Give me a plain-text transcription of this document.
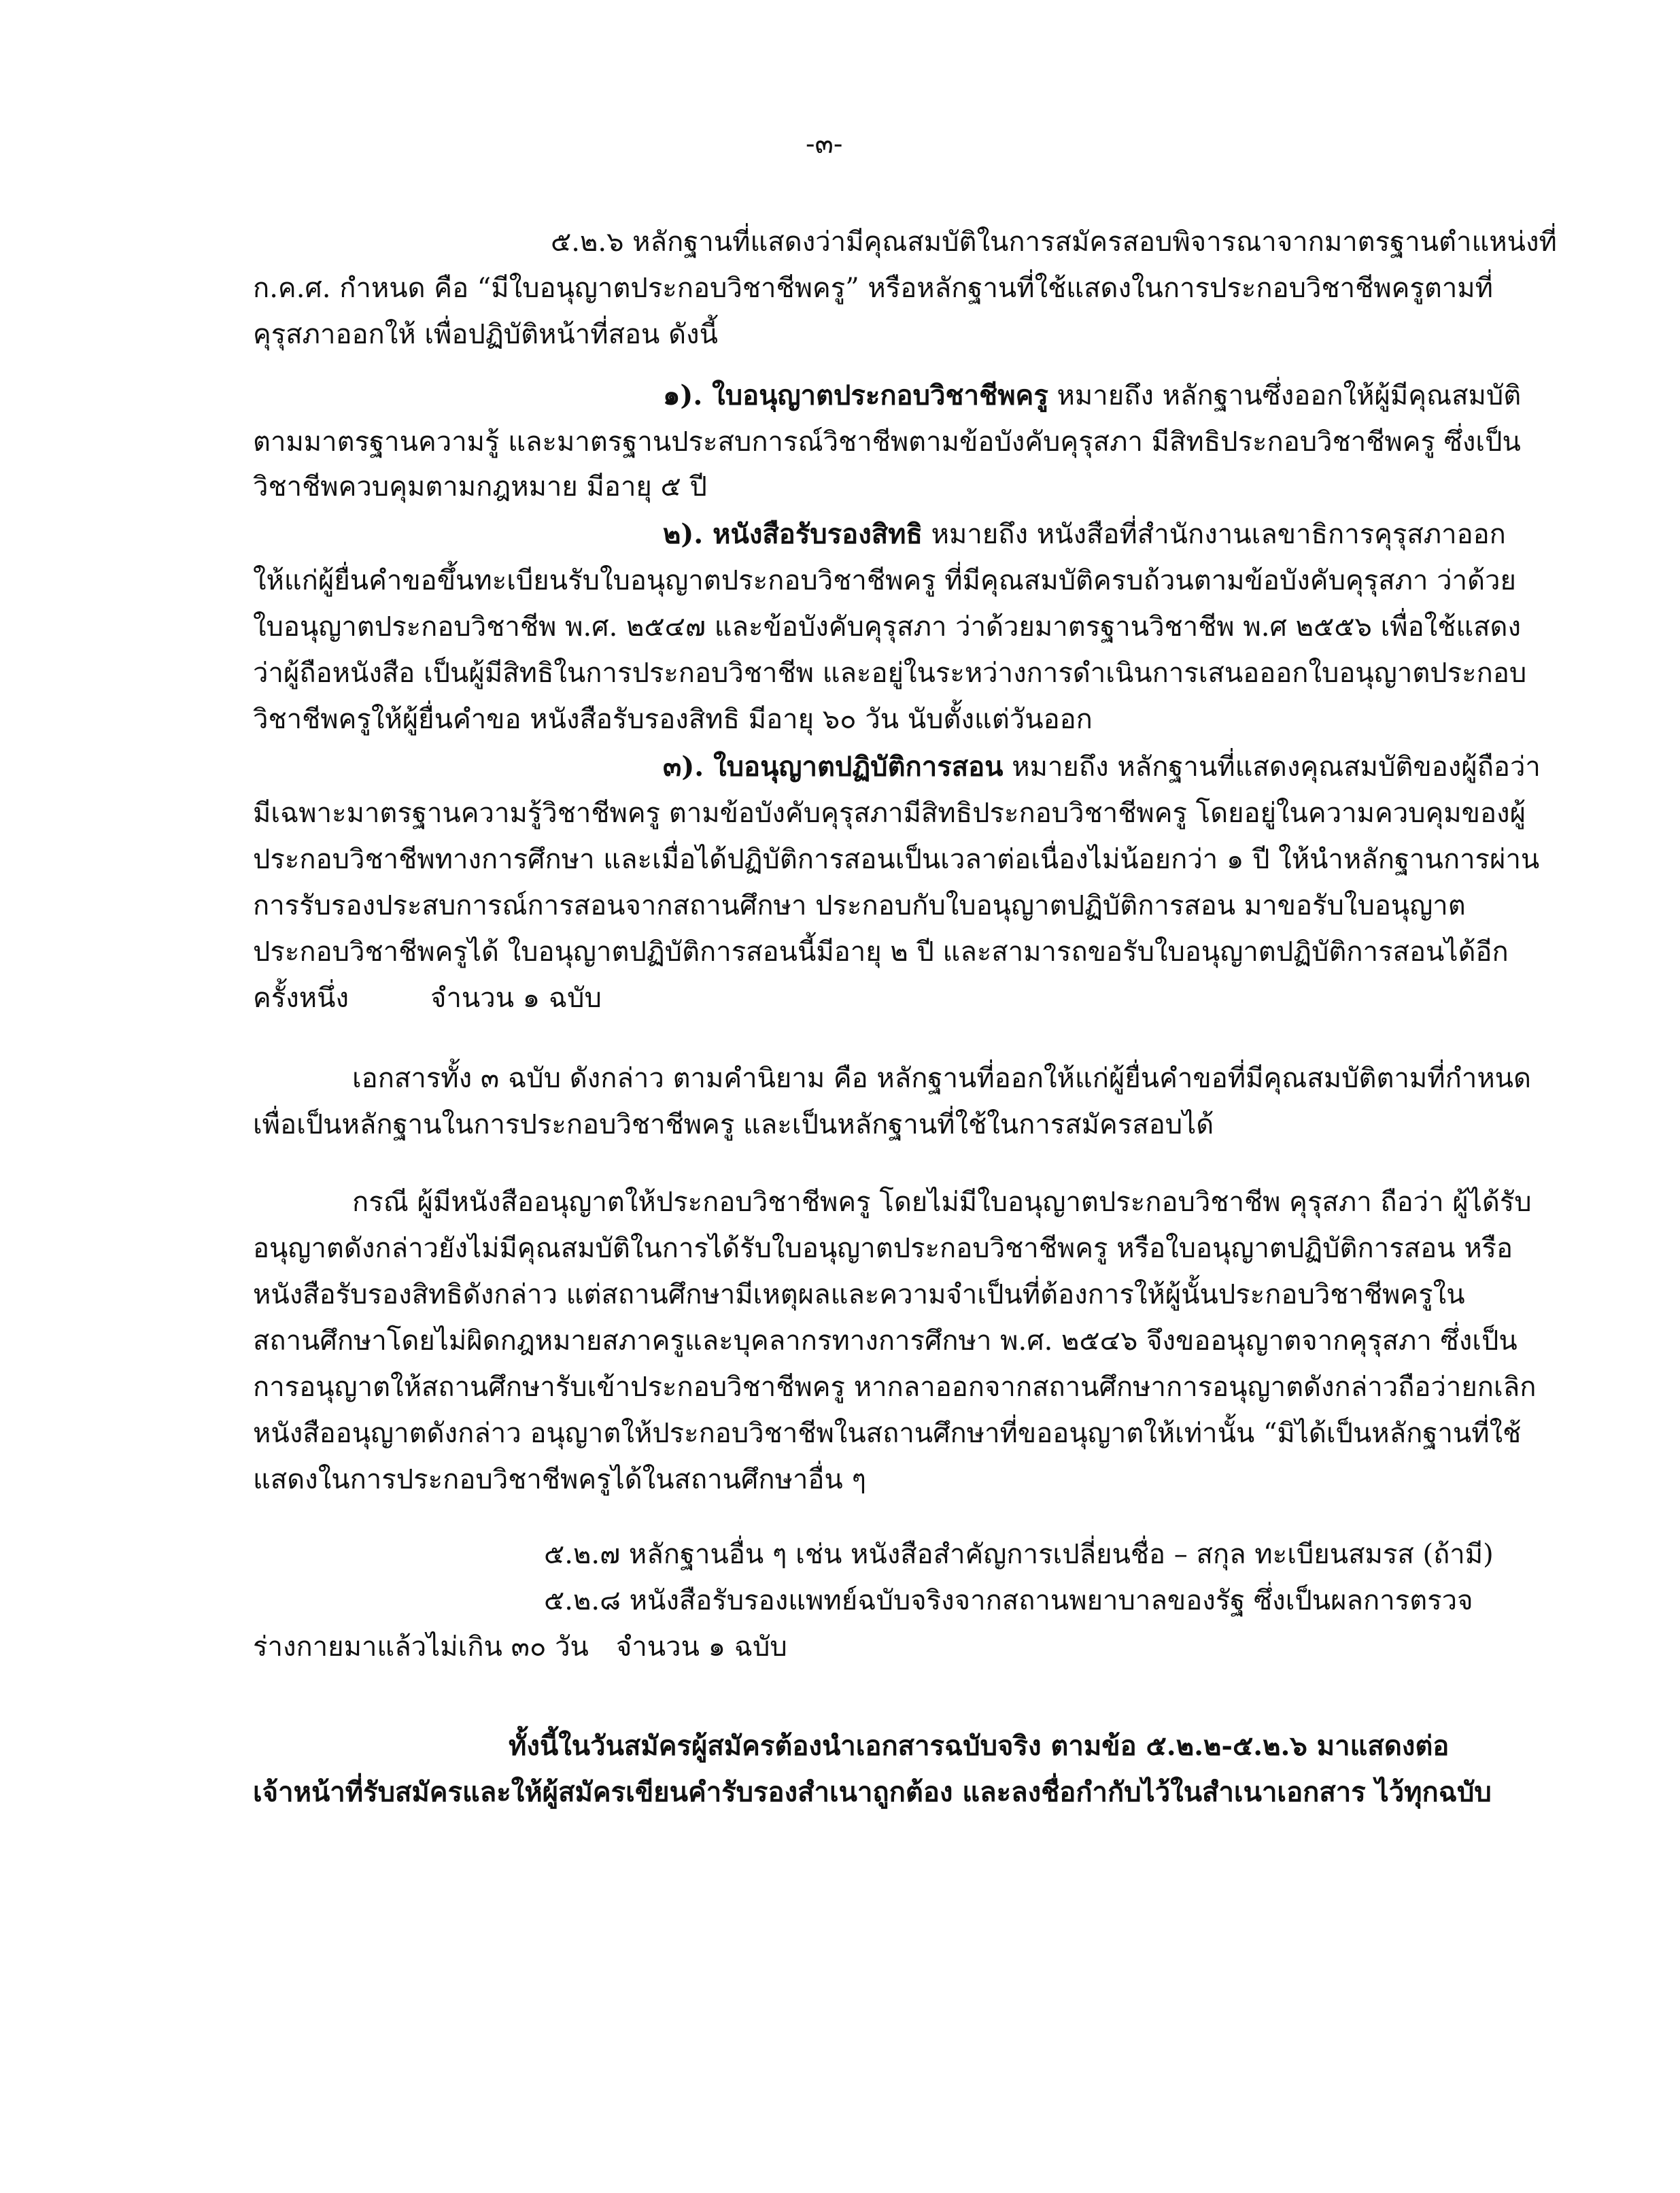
-๓-
๕.๒.๖ หลักฐานที่แสดงว่ามีคุณสมบัติในการสมัครสอบพิจารณาจากมาตรฐานตำแหน่งที่
ก.ค.ศ. กำหนด คือ “มีใบอนุญาตประกอบวิชาชีพครู” หรือหลักฐานที่ใช้แสดงในการประกอบวิชาชีพครูตามที่
คุรุสภาออกให้ เพื่อปฏิบัติหน้าที่สอน ดังนี้
๑). ใบอนุญาตประกอบวิชาชีพครู หมายถึง หลักฐานซึ่งออกให้ผู้มีคุณสมบัติ
ตามมาตรฐานความรู้ และมาตรฐานประสบการณ์วิชาชีพตามข้อบังคับคุรุสภา มีสิทธิประกอบวิชาชีพครู ซึ่งเป็น
วิชาชีพควบคุมตามกฎหมาย มีอายุ ๕ ปี
๒). หนังสือรับรองสิทธิ หมายถึง หนังสือที่สำนักงานเลขาธิการคุรุสภาออก
ให้แก่ผู้ยื่นคำขอขึ้นทะเบียนรับใบอนุญาตประกอบวิชาชีพครู ที่มีคุณสมบัติครบถ้วนตามข้อบังคับคุรุสภา ว่าด้วย
ใบอนุญาตประกอบวิชาชีพ พ.ศ. ๒๕๔๗ และข้อบังคับคุรุสภา ว่าด้วยมาตรฐานวิชาชีพ พ.ศ ๒๕๕๖ เพื่อใช้แสดง
ว่าผู้ถือหนังสือ เป็นผู้มีสิทธิในการประกอบวิชาชีพ และอยู่ในระหว่างการดำเนินการเสนอออกใบอนุญาตประกอบ
วิชาชีพครูให้ผู้ยื่นคำขอ หนังสือรับรองสิทธิ มีอายุ ๖๐ วัน นับตั้งแต่วันออก
๓). ใบอนุญาตปฏิบัติการสอน หมายถึง หลักฐานที่แสดงคุณสมบัติของผู้ถือว่า
มีเฉพาะมาตรฐานความรู้วิชาชีพครู ตามข้อบังคับคุรุสภามีสิทธิประกอบวิชาชีพครู โดยอยู่ในความควบคุมของผู้
ประกอบวิชาชีพทางการศึกษา และเมื่อได้ปฏิบัติการสอนเป็นเวลาต่อเนื่องไม่น้อยกว่า ๑ ปี ให้นำหลักฐานการผ่าน
การรับรองประสบการณ์การสอนจากสถานศึกษา ประกอบกับใบอนุญาตปฏิบัติการสอน มาขอรับใบอนุญาต
ประกอบวิชาชีพครูได้ ใบอนุญาตปฏิบัติการสอนนี้มีอายุ ๒ ปี และสามารถขอรับใบอนุญาตปฏิบัติการสอนได้อีก
ครั้งหนึ่ง	จำนวน ๑ ฉบับ
เอกสารทั้ง ๓ ฉบับ ดังกล่าว ตามคำนิยาม คือ หลักฐานที่ออกให้แก่ผู้ยื่นคำขอที่มีคุณสมบัติตามที่กำหนด
เพื่อเป็นหลักฐานในการประกอบวิชาชีพครู และเป็นหลักฐานที่ใช้ในการสมัครสอบได้
กรณี ผู้มีหนังสืออนุญาตให้ประกอบวิชาชีพครู โดยไม่มีใบอนุญาตประกอบวิชาชีพ คุรุสภา ถือว่า ผู้ได้รับ
อนุญาตดังกล่าวยังไม่มีคุณสมบัติในการได้รับใบอนุญาตประกอบวิชาชีพครู หรือใบอนุญาตปฏิบัติการสอน หรือ
หนังสือรับรองสิทธิดังกล่าว แต่สถานศึกษามีเหตุผลและความจำเป็นที่ต้องการให้ผู้นั้นประกอบวิชาชีพครูใน
สถานศึกษาโดยไม่ผิดกฎหมายสภาครูและบุคลากรทางการศึกษา พ.ศ. ๒๕๔๖ จึงขออนุญาตจากคุรุสภา ซึ่งเป็น
การอนุญาตให้สถานศึกษารับเข้าประกอบวิชาชีพครู หากลาออกจากสถานศึกษาการอนุญาตดังกล่าวถือว่ายกเลิก
หนังสืออนุญาตดังกล่าว อนุญาตให้ประกอบวิชาชีพในสถานศึกษาที่ขออนุญาตให้เท่านั้น “มิได้เป็นหลักฐานที่ใช้
แสดงในการประกอบวิชาชีพครูได้ในสถานศึกษาอื่น ๆ
๕.๒.๗ หลักฐานอื่น ๆ เช่น หนังสือสำคัญการเปลี่ยนชื่อ – สกุล ทะเบียนสมรส (ถ้ามี)
๕.๒.๘ หนังสือรับรองแพทย์ฉบับจริงจากสถานพยาบาลของรัฐ ซึ่งเป็นผลการตรวจ
ร่างกายมาแล้วไม่เกิน ๓๐ วัน จำนวน ๑ ฉบับ
ทั้งนี้ในวันสมัครผู้สมัครต้องนำเอกสารฉบับจริง ตามข้อ ๕.๒.๒-๕.๒.๖ มาแสดงต่อ
เจ้าหน้าที่รับสมัครและให้ผู้สมัครเขียนคำรับรองสำเนาถูกต้อง และลงชื่อกำกับไว้ในสำเนาเอกสาร ไว้ทุกฉบับ
